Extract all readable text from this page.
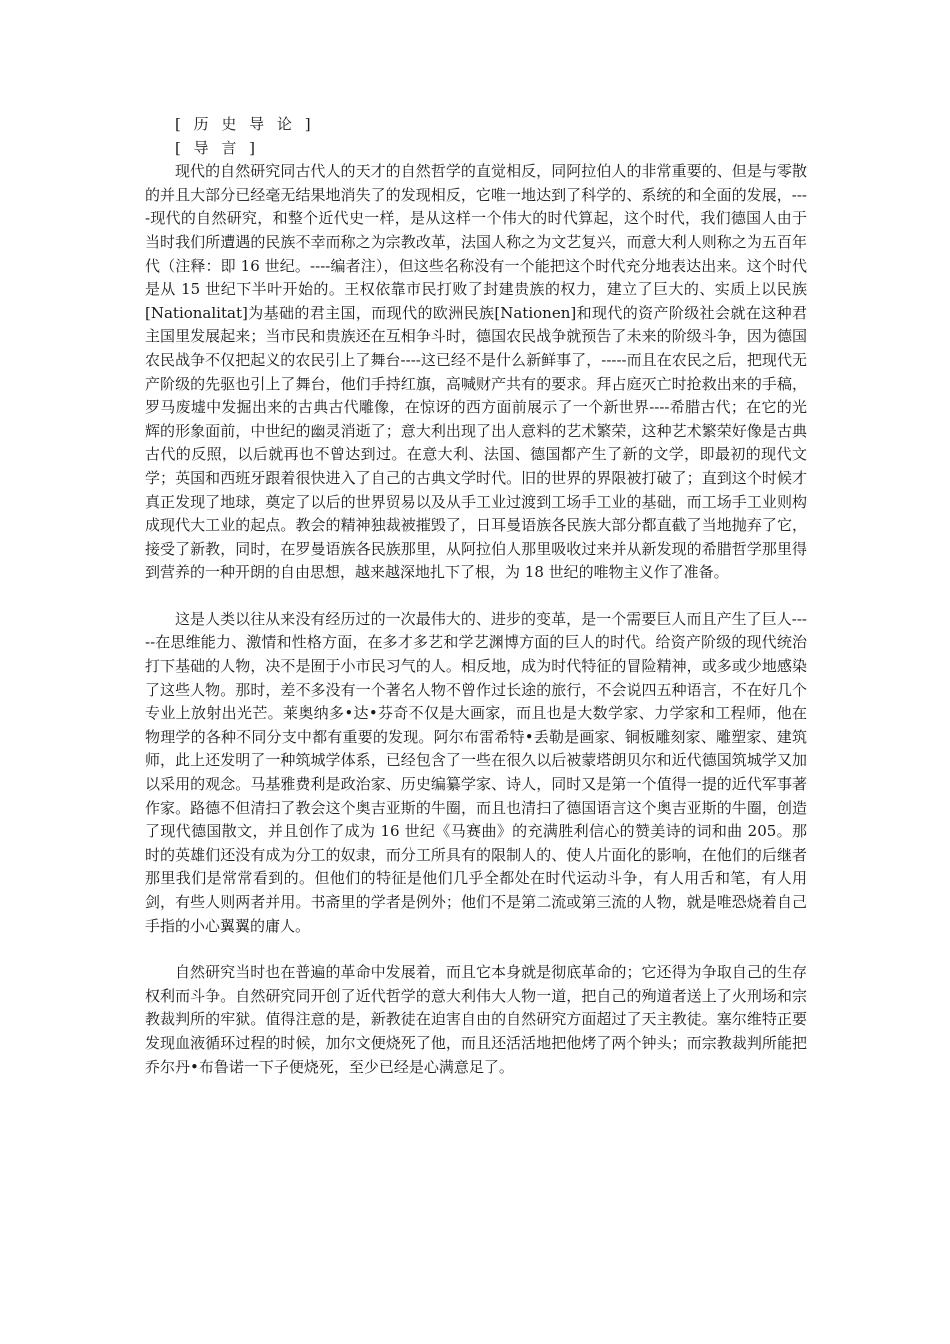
[ 历 史 导 论 ]

[ 导 言 ]

现代的自然研究同古代人的天才的自然哲学的直觉相反，同阿拉伯人的非常重要的、但是与零散的并且大部分已经毫无结果地消失了的发现相反，它唯一地达到了科学的、系统的和全面的发展，----现代的自然研究，和整个近代史一样，是从这样一个伟大的时代算起，这个时代，我们德国人由于当时我们所遭遇的民族不幸而称之为宗教改革，法国人称之为文艺复兴，而意大利人则称之为五百年代（注释：即 16 世纪。----编者注），但这些名称没有一个能把这个时代充分地表达出来。这个时代是从 15 世纪下半叶开始的。王权依靠市民打败了封建贵族的权力，建立了巨大的、实质上以民族[Nationalitat]为基础的君主国，而现代的欧洲民族[Nationen]和现代的资产阶级社会就在这种君主国里发展起来；当市民和贵族还在互相争斗时，德国农民战争就预告了未来的阶级斗争，因为德国农民战争不仅把起义的农民引上了舞台----这已经不是什么新鲜事了，-----而且在农民之后，把现代无产阶级的先驱也引上了舞台，他们手持红旗，高喊财产共有的要求。拜占庭灭亡时抢救出来的手稿，罗马废墟中发掘出来的古典古代雕像，在惊讶的西方面前展示了一个新世界----希腊古代；在它的光辉的形象面前，中世纪的幽灵消逝了；意大利出现了出人意料的艺术繁荣，这种艺术繁荣好像是古典古代的反照，以后就再也不曾达到过。在意大利、法国、德国都产生了新的文学，即最初的现代文学；英国和西班牙跟着很快进入了自己的古典文学时代。旧的世界的界限被打破了；直到这个时候才真正发现了地球，奠定了以后的世界贸易以及从手工业过渡到工场手工业的基础，而工场手工业则构成现代大工业的起点。教会的精神独裁被摧毁了，日耳曼语族各民族大部分都直截了当地抛弃了它，接受了新教，同时，在罗曼语族各民族那里，从阿拉伯人那里吸收过来并从新发现的希腊哲学那里得到营养的一种开朗的自由思想，越来越深地扎下了根，为 18 世纪的唯物主义作了准备。

这是人类以往从来没有经历过的一次最伟大的、进步的变革，是一个需要巨人而且产生了巨人-----在思维能力、激情和性格方面，在多才多艺和学艺渊博方面的巨人的时代。给资产阶级的现代统治打下基础的人物，决不是囿于小市民习气的人。相反地，成为时代特征的冒险精神，或多或少地感染了这些人物。那时，差不多没有一个著名人物不曾作过长途的旅行，不会说四五种语言，不在好几个专业上放射出光芒。莱奥纳多•达•芬奇不仅是大画家，而且也是大数学家、力学家和工程师，他在物理学的各种不同分支中都有重要的发现。阿尔布雷希特•丢勒是画家、铜板雕刻家、雕塑家、建筑师，此上还发明了一种筑城学体系，已经包含了一些在很久以后被蒙塔朗贝尔和近代德国筑城学又加以采用的观念。马基雅费利是政治家、历史编纂学家、诗人，同时又是第一个值得一提的近代军事著作家。路德不但清扫了教会这个奥吉亚斯的牛圈，而且也清扫了德国语言这个奥吉亚斯的牛圈，创造了现代德国散文，并且创作了成为 16 世纪《马赛曲》的充满胜利信心的赞美诗的词和曲 205。那时的英雄们还没有成为分工的奴隶，而分工所具有的限制人的、使人片面化的影响，在他们的后继者那里我们是常常看到的。但他们的特征是他们几乎全都处在时代运动斗争，有人用舌和笔，有人用剑，有些人则两者并用。书斋里的学者是例外；他们不是第二流或第三流的人物，就是唯恐烧着自己手指的小心翼翼的庸人。

自然研究当时也在普遍的革命中发展着，而且它本身就是彻底革命的；它还得为争取自己的生存权利而斗争。自然研究同开创了近代哲学的意大利伟大人物一道，把自己的殉道者送上了火刑场和宗教裁判所的牢狱。值得注意的是，新教徒在迫害自由的自然研究方面超过了天主教徒。塞尔维特正要发现血液循环过程的时候，加尔文便烧死了他，而且还活活地把他烤了两个钟头；而宗教裁判所能把乔尔丹•布鲁诺一下子便烧死，至少已经是心满意足了。
